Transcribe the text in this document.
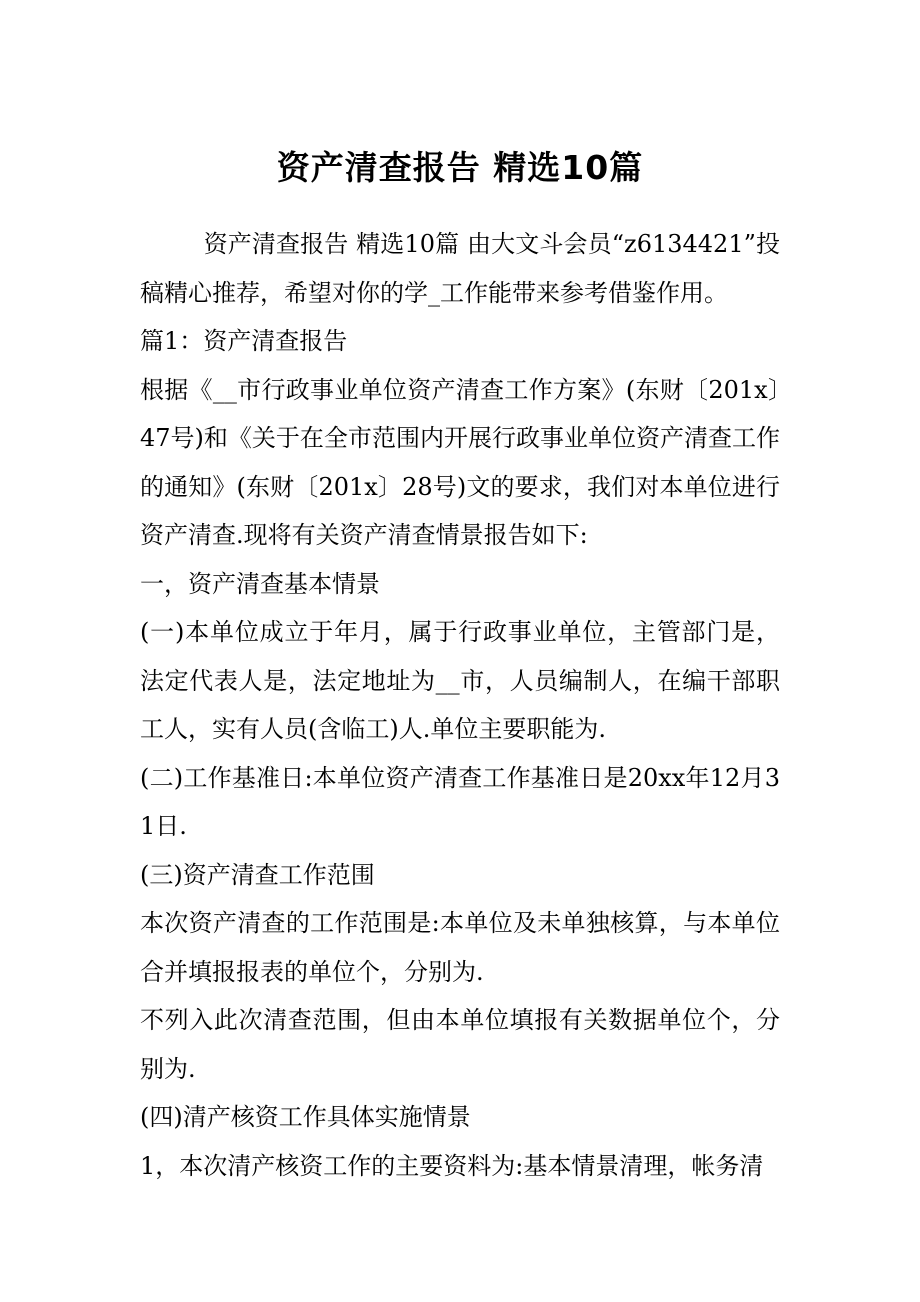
资产清查报告 精选10篇

资产清查报告 精选10篇 由大文斗会员“z6134421”投稿精心推荐，希望对你的学_工作能带来参考借鉴作用。

篇1：资产清查报告

根据《__市行政事业单位资产清查工作方案》(东财〔201x〕47号)和《关于在全市范围内开展行政事业单位资产清查工作的通知》(东财〔201x〕28号)文的要求，我们对本单位进行资产清查.现将有关资产清查情景报告如下:

一，资产清查基本情景

(一)本单位成立于年月，属于行政事业单位，主管部门是，法定代表人是，法定地址为__市，人员编制人，在编干部职工人，实有人员(含临工)人.单位主要职能为.

(二)工作基准日:本单位资产清查工作基准日是20xx年12月31日.

(三)资产清查工作范围

本次资产清查的工作范围是:本单位及未单独核算，与本单位合并填报报表的单位个，分别为.

不列入此次清查范围，但由本单位填报有关数据单位个，分别为.

(四)清产核资工作具体实施情景

1，本次清产核资工作的主要资料为:基本情景清理，帐务清
